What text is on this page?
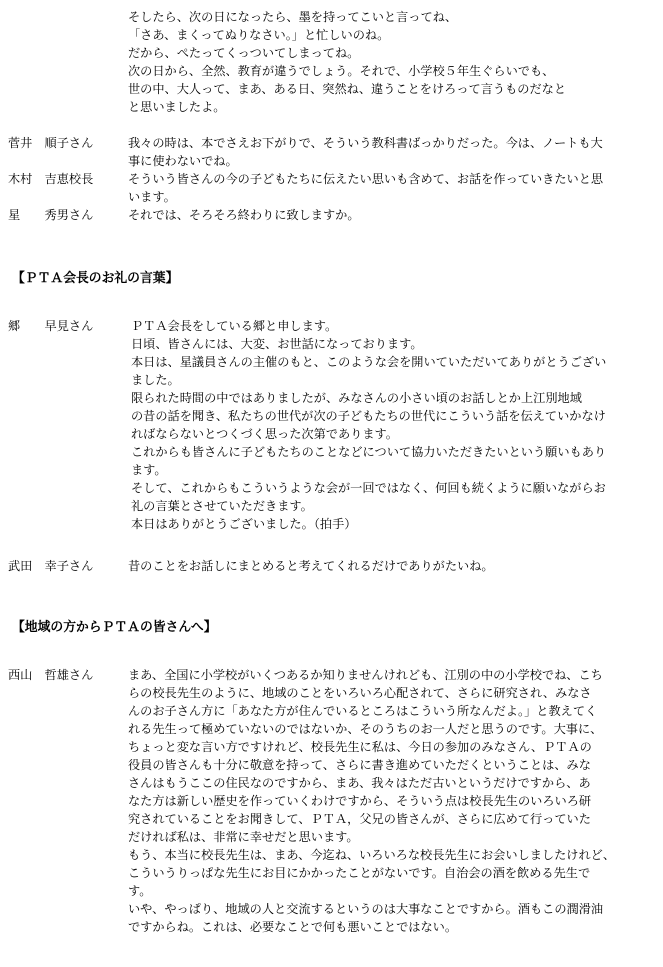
そしたら、次の日になったら、墨を持ってこいと言ってね、
「さあ、まくってぬりなさい。」と忙しいのね。
だから、ぺたってくっついてしまってね。
次の日から、全然、教育が違うでしょう。それで、小学校５年生ぐらいでも、
世の中、大人って、まあ、ある日、突然ね、違うことをけろって言うものだなと
と思いましたよ。
菅井　順子さん	我々の時は、本でさえお下がりで、そういう教科書ばっかりだった。今は、ノートも大
事に使わないでね。
木村　吉恵校長	そういう皆さんの今の子どもたちに伝えたい思いも含めて、お話を作っていきたいと思
います。
星　　秀男さん	それでは、そろそろ終わりに致しますか。
【ＰＴＡ会長のお礼の言葉】
郷　　早見さん	ＰＴＡ会長をしている郷と申します。
日頃、皆さんには、大変、お世話になっております。
本日は、星議員さんの主催のもと、このような会を開いていただいてありがとうござい
ました。
限られた時間の中ではありましたが、みなさんの小さい頃のお話しとか上江別地域
の昔の話を聞き、私たちの世代が次の子どもたちの世代にこういう話を伝えていかなけ
ればならないとつくづく思った次第であります。
これからも皆さんに子どもたちのことなどについて協力いただきたいという願いもあり
ます。
そして、これからもこういうような会が一回ではなく、何回も続くように願いながらお
礼の言葉とさせていただきます。
本日はありがとうございました。（拍手）
武田　幸子さん	昔のことをお話しにまとめると考えてくれるだけでありがたいね。
【地域の方からＰＴＡの皆さんへ】
西山　哲雄さん	まあ、全国に小学校がいくつあるか知りませんけれども、江別の中の小学校でね、こち
らの校長先生のように、地域のことをいろいろ心配されて、さらに研究され、みなさ
んのお子さん方に「あなた方が住んでいるところはこういう所なんだよ。」と教えてく
れる先生って極めていないのではないか、そのうちのお一人だと思うのです。大事に、
ちょっと変な言い方ですけれど、校長先生に私は、今日の参加のみなさん、ＰＴＡの
役員の皆さんも十分に敬意を持って、さらに書き進めていただくということは、みな
さんはもうここの住民なのですから、まあ、我々はただ古いというだけですから、あ
なた方は新しい歴史を作っていくわけですから、そういう点は校長先生のいろいろ研
究されていることをお聞きして、ＰＴＡ，父兄の皆さんが、さらに広めて行っていた
だければ私は、非常に幸せだと思います。
もう、本当に校長先生は、まあ、今迄ね、いろいろな校長先生にお会いしましたけれど、
こういうりっぱな先生にお目にかかったことがないです。自治会の酒を飲める先生で
す。
いや、やっぱり、地域の人と交流するというのは大事なことですから。酒もこの潤滑油
ですからね。これは、必要なことで何も悪いことではない。
